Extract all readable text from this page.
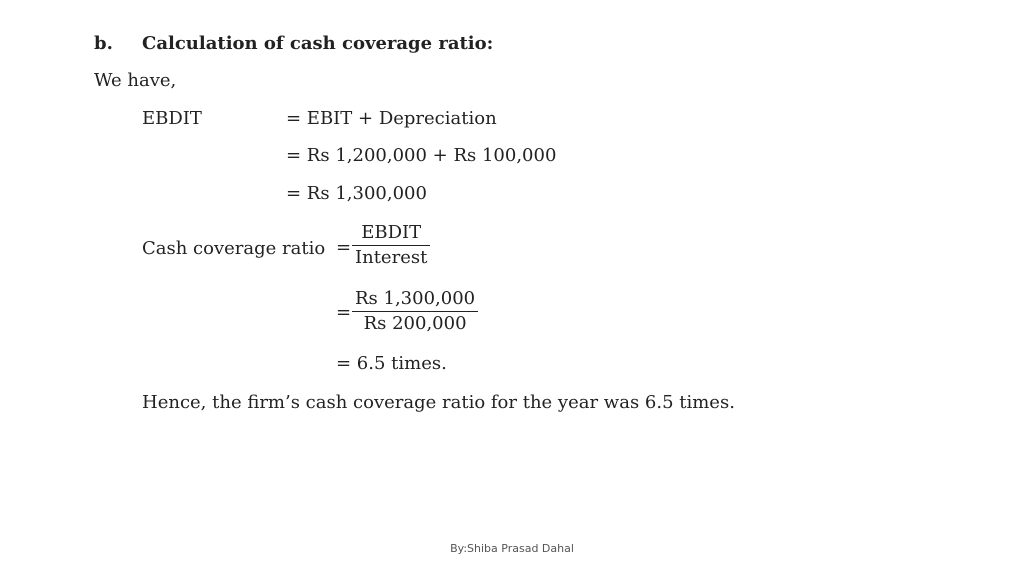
b. Calculation of cash coverage ratio:
We have,
EBDIT	= EBIT + Depreciation
= Rs 1,200,000 + Rs 100,000
= Rs 1,300,000
Cash coverage ratio =
EBDIT
Interest
= $\frac{Rs 1,300,000}{Rs 200,000}$
= 6.5 times.
Hence, the firm’s cash coverage ratio for the year was 6.5 times.
By:Shiba Prasad Dahal
